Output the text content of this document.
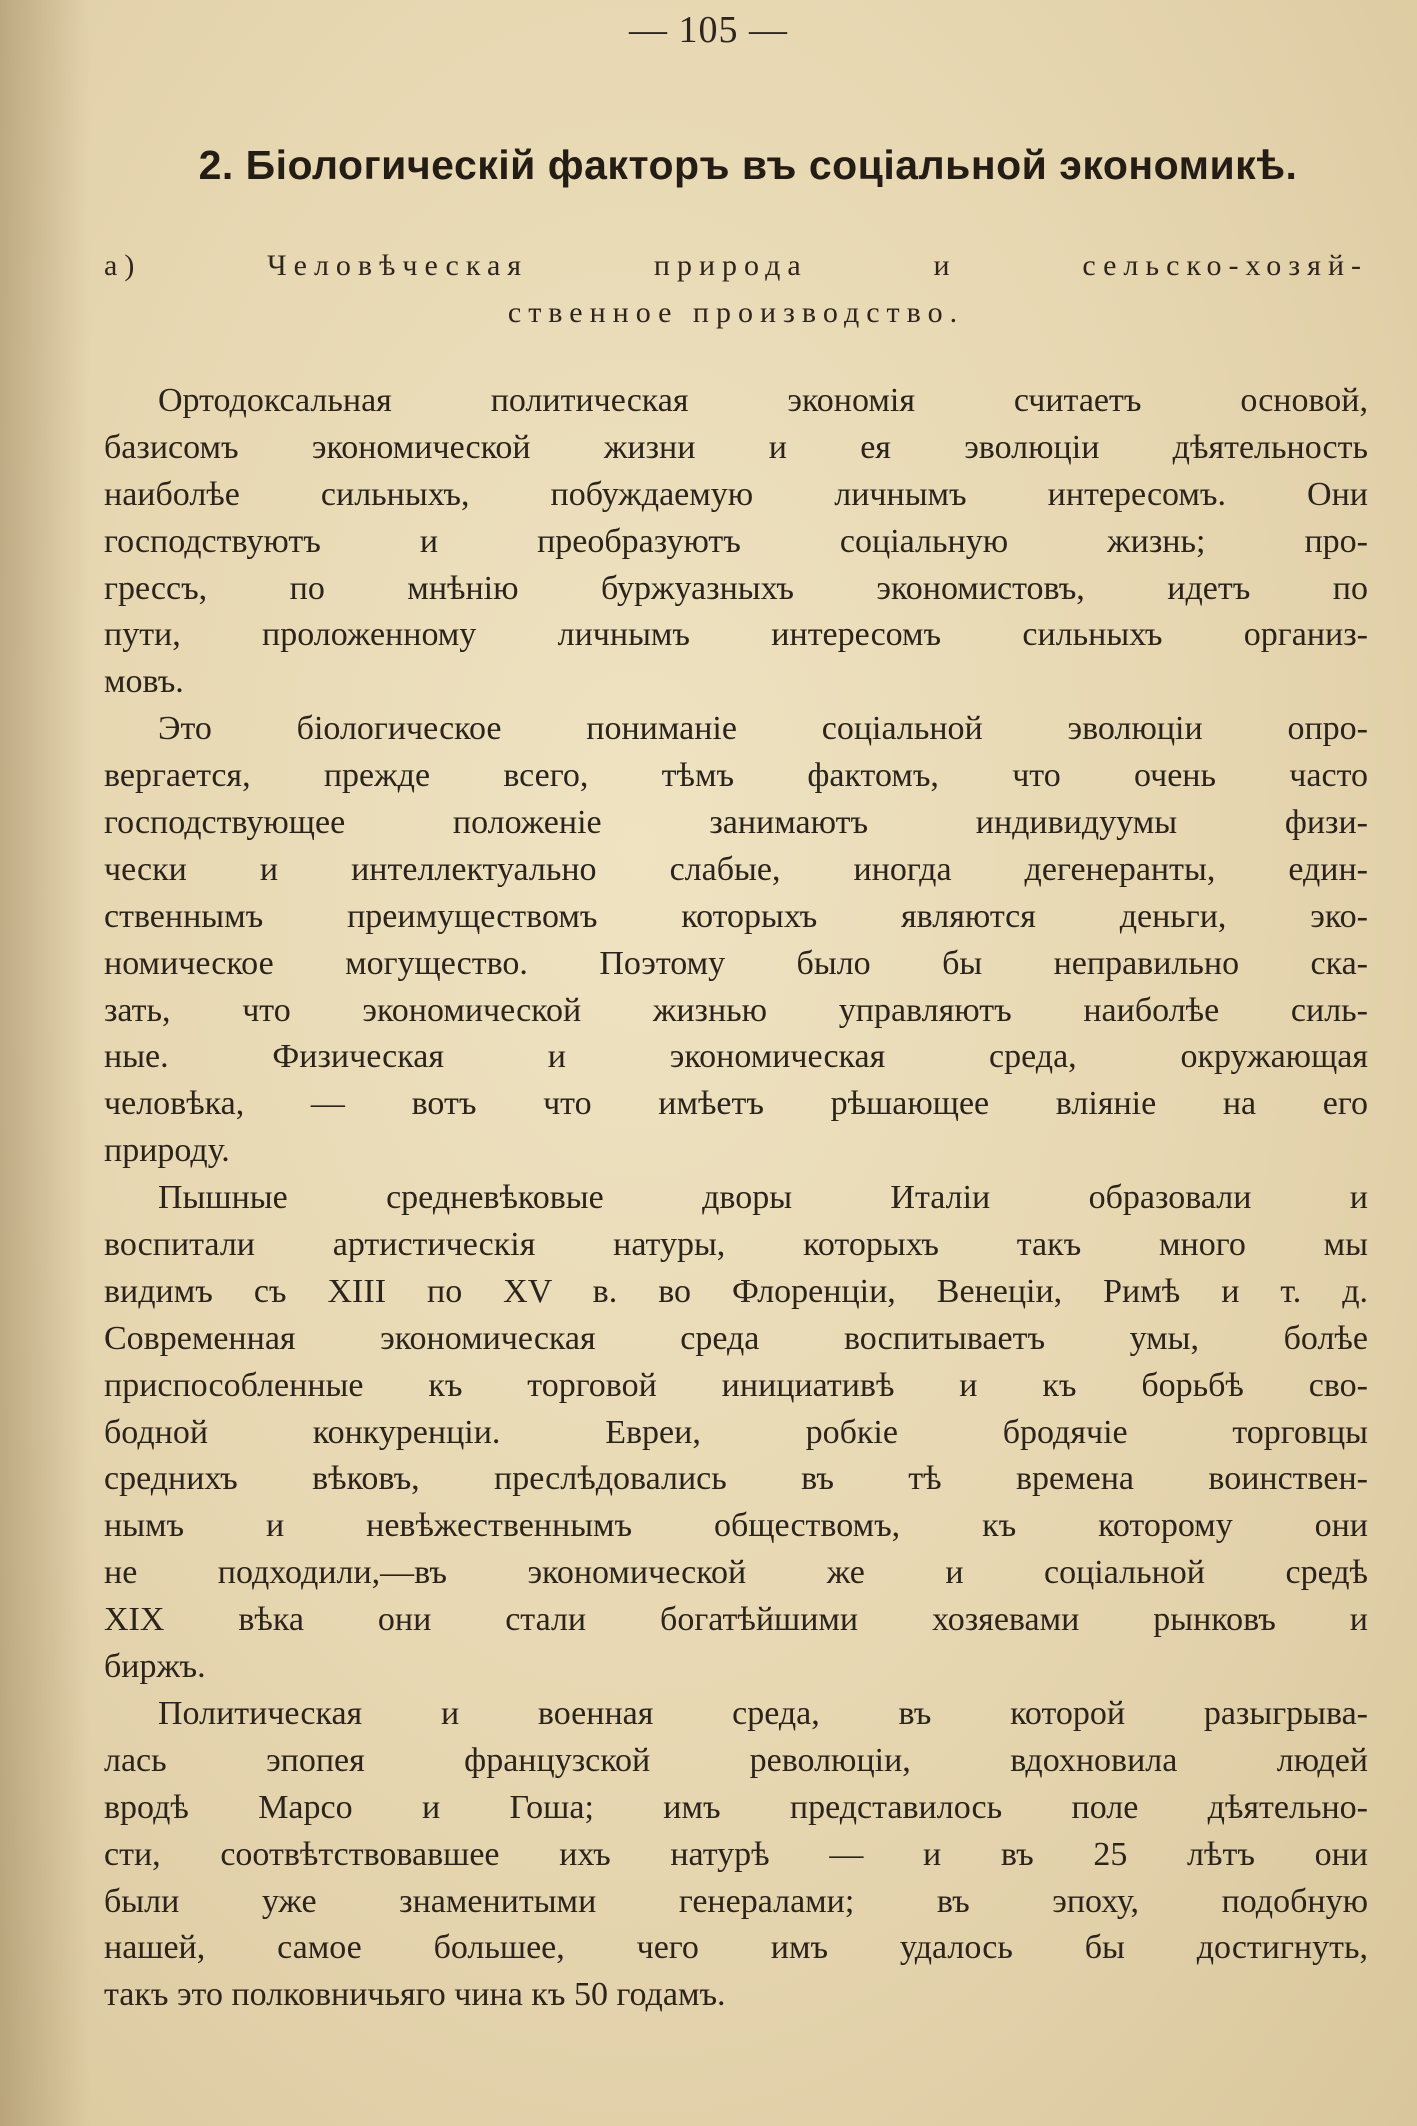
— 105 —
2. Біологическій факторъ въ соціальной экономикѣ.
а) Человѣческая природа и сельско-хозяй-
ственное производство.
Ортодоксальная политическая экономія считаетъ основой,
базисомъ экономической жизни и ея эволюціи дѣятельность
наиболѣе сильныхъ, побуждаемую личнымъ интересомъ. Они
господствуютъ и преобразуютъ соціальную жизнь; про-
грессъ, по мнѣнію буржуазныхъ экономистовъ, идетъ по
пути, проложенному личнымъ интересомъ сильныхъ организ-
мовъ.
Это біологическое пониманіе соціальной эволюціи опро-
вергается, прежде всего, тѣмъ фактомъ, что очень часто
господствующее положеніе занимаютъ индивидуумы физи-
чески и интеллектуально слабые, иногда дегенеранты, един-
ственнымъ преимуществомъ которыхъ являются деньги, эко-
номическое могущество. Поэтому было бы неправильно ска-
зать, что экономической жизнью управляютъ наиболѣе силь-
ные. Физическая и экономическая среда, окружающая
человѣка, — вотъ что имѣетъ рѣшающее вліяніе на его
природу.
Пышные средневѣковые дворы Италіи образовали и
воспитали артистическія натуры, которыхъ такъ много мы
видимъ съ XIII по XV в. во Флоренціи, Венеціи, Римѣ и т. д.
Современная экономическая среда воспитываетъ умы, болѣе
приспособленные къ торговой инициативѣ и къ борьбѣ сво-
бодной конкуренціи. Евреи, робкіе бродячіе торговцы
среднихъ вѣковъ, преслѣдовались въ тѣ времена воинствен-
нымъ и невѣжественнымъ обществомъ, къ которому они
не подходили,—въ экономической же и соціальной средѣ
XIX вѣка они стали богатѣйшими хозяевами рынковъ и
биржъ.
Политическая и военная среда, въ которой разыгрыва-
лась эпопея французской революціи, вдохновила людей
вродѣ Марсо и Гоша; имъ представилось поле дѣятельно-
сти, соотвѣтствовавшее ихъ натурѣ — и въ 25 лѣтъ они
были уже знаменитыми генералами; въ эпоху, подобную
нашей, самое большее, чего имъ удалось бы достигнуть,
такъ это полковничьяго чина къ 50 годамъ.
